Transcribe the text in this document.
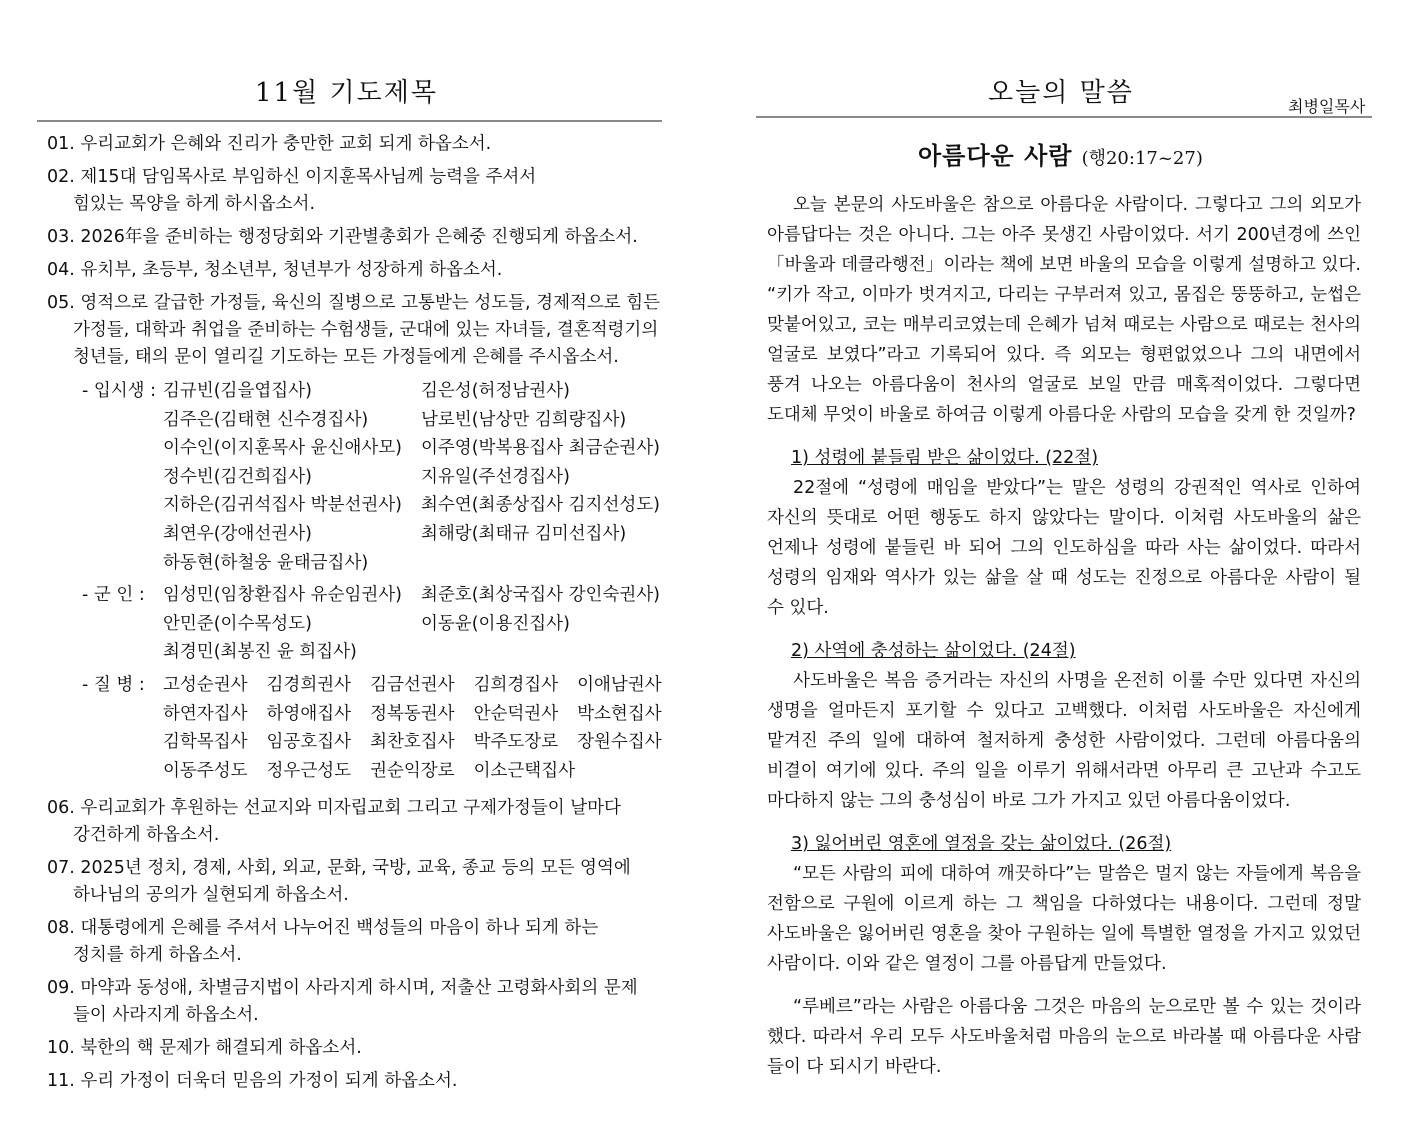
11월 기도제목
01. 우리교회가 은혜와 진리가 충만한 교회 되게 하옵소서.
02. 제15대 담임목사로 부임하신 이지훈목사님께 능력을 주셔서
힘있는 목양을 하게 하시옵소서.
03. 2026年을 준비하는 행정당회와 기관별총회가 은혜중 진행되게 하옵소서.
04. 유치부, 초등부, 청소년부, 청년부가 성장하게 하옵소서.
05. 영적으로 갈급한 가정들, 육신의 질병으로 고통받는 성도들, 경제적으로 힘든
가정들, 대학과 취업을 준비하는 수험생들, 군대에 있는 자녀들, 결혼적령기의
청년들, 태의 문이 열리길 기도하는 모든 가정들에게 은혜를 주시옵소서.
- 입시생 : 김규빈(김을엽집사)	김은성(허정남권사)
김주은(김태현 신수경집사)	남로빈(남상만 김희량집사)
이수인(이지훈목사 윤신애사모)	이주영(박복용집사 최금순권사)
정수빈(김건희집사)	지유일(주선경집사)
지하은(김귀석집사 박분선권사)	최수연(최종상집사 김지선성도)
최연우(강애선권사)	최해랑(최태규 김미선집사)
하동현(하철웅 윤태금집사)
- 군 인 :	임성민(임창환집사 유순임권사)	최준호(최상국집사 강인숙권사)
안민준(이수목성도)	이동윤(이용진집사)
최경민(최봉진 윤 희집사)
- 질 병 :	고성순권사 김경희권사 김금선권사 김희경집사 이애남권사
하연자집사 하영애집사 정복동권사 안순덕권사 박소현집사
김학목집사 임공호집사 최찬호집사 박주도장로 장원수집사
이동주성도 정우근성도 권순익장로 이소근택집사
06. 우리교회가 후원하는 선교지와 미자립교회 그리고 구제가정들이 날마다
강건하게 하옵소서.
07. 2025년 정치, 경제, 사회, 외교, 문화, 국방, 교육, 종교 등의 모든 영역에
하나님의 공의가 실현되게 하옵소서.
08. 대통령에게 은혜를 주셔서 나누어진 백성들의 마음이 하나 되게 하는
정치를 하게 하옵소서.
09. 마약과 동성애, 차별금지법이 사라지게 하시며, 저출산 고령화사회의 문제
들이 사라지게 하옵소서.
10. 북한의 핵 문제가 해결되게 하옵소서.
11. 우리 가정이 더욱더 믿음의 가정이 되게 하옵소서.
오늘의 말씀	최병일목사
아름다운 사람 (행20:17~27)
오늘 본문의 사도바울은 참으로 아름다운 사람이다. 그렇다고 그의 외모가
아름답다는 것은 아니다. 그는 아주 못생긴 사람이었다. 서기 200년경에 쓰인
「바울과 데클라행전」이라는 책에 보면 바울의 모습을 이렇게 설명하고 있다.
“키가 작고, 이마가 벗겨지고, 다리는 구부러져 있고, 몸집은 뚱뚱하고, 눈썹은
맞붙어있고, 코는 매부리코였는데 은혜가 넘쳐 때로는 사람으로 때로는 천사의
얼굴로 보였다”라고 기록되어 있다. 즉 외모는 형편없었으나 그의 내면에서
풍겨 나오는 아름다움이 천사의 얼굴로 보일 만큼 매혹적이었다. 그렇다면
도대체 무엇이 바울로 하여금 이렇게 아름다운 사람의 모습을 갖게 한 것일까?
1) 성령에 붙들림 받은 삶이었다. (22절)
22절에 “성령에 매임을 받았다”는 말은 성령의 강권적인 역사로 인하여
자신의 뜻대로 어떤 행동도 하지 않았다는 말이다. 이처럼 사도바울의 삶은
언제나 성령에 붙들린 바 되어 그의 인도하심을 따라 사는 삶이었다. 따라서
성령의 임재와 역사가 있는 삶을 살 때 성도는 진정으로 아름다운 사람이 될
수 있다.
2) 사역에 충성하는 삶이었다. (24절)
사도바울은 복음 증거라는 자신의 사명을 온전히 이룰 수만 있다면 자신의
생명을 얼마든지 포기할 수 있다고 고백했다. 이처럼 사도바울은 자신에게
맡겨진 주의 일에 대하여 철저하게 충성한 사람이었다. 그런데 아름다움의
비결이 여기에 있다. 주의 일을 이루기 위해서라면 아무리 큰 고난과 수고도
마다하지 않는 그의 충성심이 바로 그가 가지고 있던 아름다움이었다.
3) 잃어버린 영혼에 열정을 갖는 삶이었다. (26절)
“모든 사람의 피에 대하여 깨끗하다”는 말씀은 멀지 않는 자들에게 복음을
전함으로 구원에 이르게 하는 그 책임을 다하였다는 내용이다. 그런데 정말
사도바울은 잃어버린 영혼을 찾아 구원하는 일에 특별한 열정을 가지고 있었던
사람이다. 이와 같은 열정이 그를 아름답게 만들었다.
“루베르”라는 사람은 아름다움 그것은 마음의 눈으로만 볼 수 있는 것이라
했다. 따라서 우리 모두 사도바울처럼 마음의 눈으로 바라볼 때 아름다운 사람
들이 다 되시기 바란다.
